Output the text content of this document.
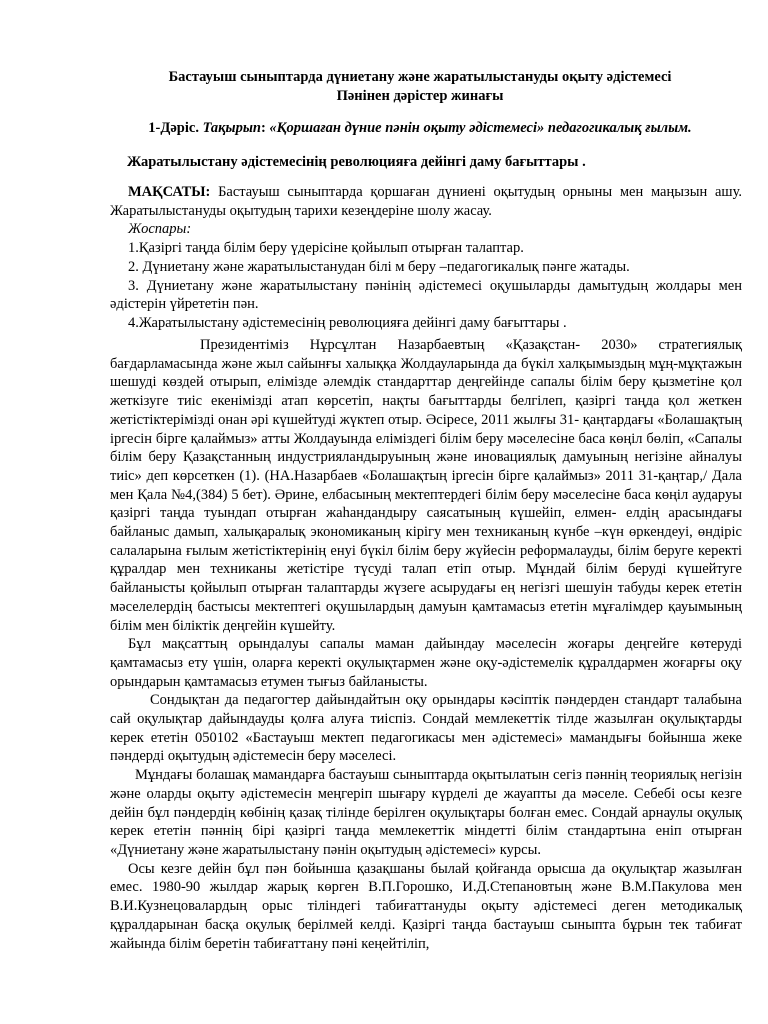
Бастауыш сыныптарда дүниетану және жаратылыстануды оқыту әдістемесі
Пәнінен дәрістер жинағы
1-Дәріс. Тақырып: «Қоршаған дүние пәнін оқыту әдістемесі» педагогикалық ғылым.
Жаратылыстану әдістемесінің революцияға дейінгі даму бағыттары .

МАҚСАТЫ: Бастауыш сыныптарда қоршаған дүниені оқытудың орныны мен маңызын ашу. Жаратылыстануды оқытудың тарихи кезеңдеріне шолу жасау.

Жоспары:

1.Қазіргі таңда білім беру үдерісіне қойылып отырған талаптар.

2. Дүниетану және жаратылыстанудан білі м беру –педагогикалық пәнге жатады.

3. Дүниетану және жаратылыстану пәнінің әдістемесі оқушыларды дамытудың жолдары мен әдістерін үйрететін пән.

4.Жаратылыстану әдістемесінің революцияға дейінгі даму бағыттары .

Президентіміз Нұрсұлтан Назарбаевтың «Қазақстан- 2030» стратегиялық бағдарламасында және жыл сайынғы халыққа Жолдауларында да бүкіл халқымыздың мұң-мұқтажын шешуді көздей отырып, елімізде әлемдік стандарттар деңгейінде сапалы білім беру қызметіне қол жеткізуге тиіс екенімізді атап көрсетіп, нақты бағыттарды белгілеп, қазіргі таңда қол жеткен жетістіктерімізді онан әрі күшейтуді жүктеп отыр. Әсіресе, 2011 жылғы 31- қаңтардағы «Болашақтың іргесін бірге қалаймыз» атты Жолдауында еліміздегі білім беру мәселесіне баса көңіл бөліп, «Сапалы білім беру Қазақстанның индустрияландыруының және иновациялық дамуының негізіне айналуы тиіс» деп көрсеткен (1). (НА.Назарбаев «Болашақтың іргесін бірге қалаймыз» 2011 31-қаңтар,/ Дала мен Қала №4,(384) 5 бет). Әрине, елбасының мектептердегі білім беру мәселесіне баса көңіл аударуы қазіргі таңда туындап отырған жаһандандыру саясатының күшейіп, елмен- елдің арасындағы байланыс дамып, халықаралық экономиканың кірігу мен техниканың күнбе –күн өркендеуі, өндіріс салаларына ғылым жетістіктерінің енуі бүкіл білім беру жүйесін реформалауды, білім беруге керекті құралдар мен техниканы жетістіре түсуді талап етіп отыр. Мұндай білім беруді күшейтуге байланысты қойылып отырған талаптарды жүзеге асырудағы ең негізгі шешуін табуды керек ететін мәселелердің бастысы мектептегі оқушылардың дамуын қамтамасыз ететін мұғалімдер қауымының білім мен біліктік деңгейін күшейту.

Бұл мақсаттың орындалуы сапалы маман дайындау мәселесін жоғары деңгейге көтеруді қамтамасыз ету үшін, оларға керекті оқулықтармен және оқу-әдістемелік құралдармен жоғарғы оқу орындарын қамтамасыз етумен тығыз байланысты.

Сондықтан да педагогтер дайындайтын оқу орындары кәсіптік пәндерден стандарт талабына сай оқулықтар дайындауды қолға алуға тиіспіз. Сондай мемлекеттік тілде жазылған оқулықтарды керек ететін 050102 «Бастауыш мектеп педагогикасы мен әдістемесі» мамандығы бойынша жеке пәндерді оқытудың әдістемесін беру мәселесі.

Мұндағы болашақ мамандарға бастауыш сыныптарда оқытылатын сегіз пәннің теориялық негізін және оларды оқыту әдістемесін меңгеріп шығару күрделі де жауапты да мәселе. Себебі осы кезге дейін бұл пәндердің көбінің қазақ тілінде берілген оқулықтары болған емес. Сондай арнаулы оқулық керек ететін пәннің бірі қазіргі таңда мемлекеттік міндетті білім стандартына еніп отырған «Дүниетану және жаратылыстану пәнін оқытудың әдістемесі» курсы.

Осы кезге дейін бұл пән бойынша қазақшаны былай қойғанда орысша да оқулықтар жазылған емес. 1980-90 жылдар жарық көрген В.П.Горошко, И.Д.Степановтың және В.М.Пакулова мен В.И.Кузнецовалардың орыс тіліндегі табиғаттануды оқыту әдістемесі деген методикалық құралдарынан басқа оқулық берілмей келді. Қазіргі таңда бастауыш сыныпта бұрын тек табиғат жайында білім беретін табиғаттану пәні кеңейтіліп,
